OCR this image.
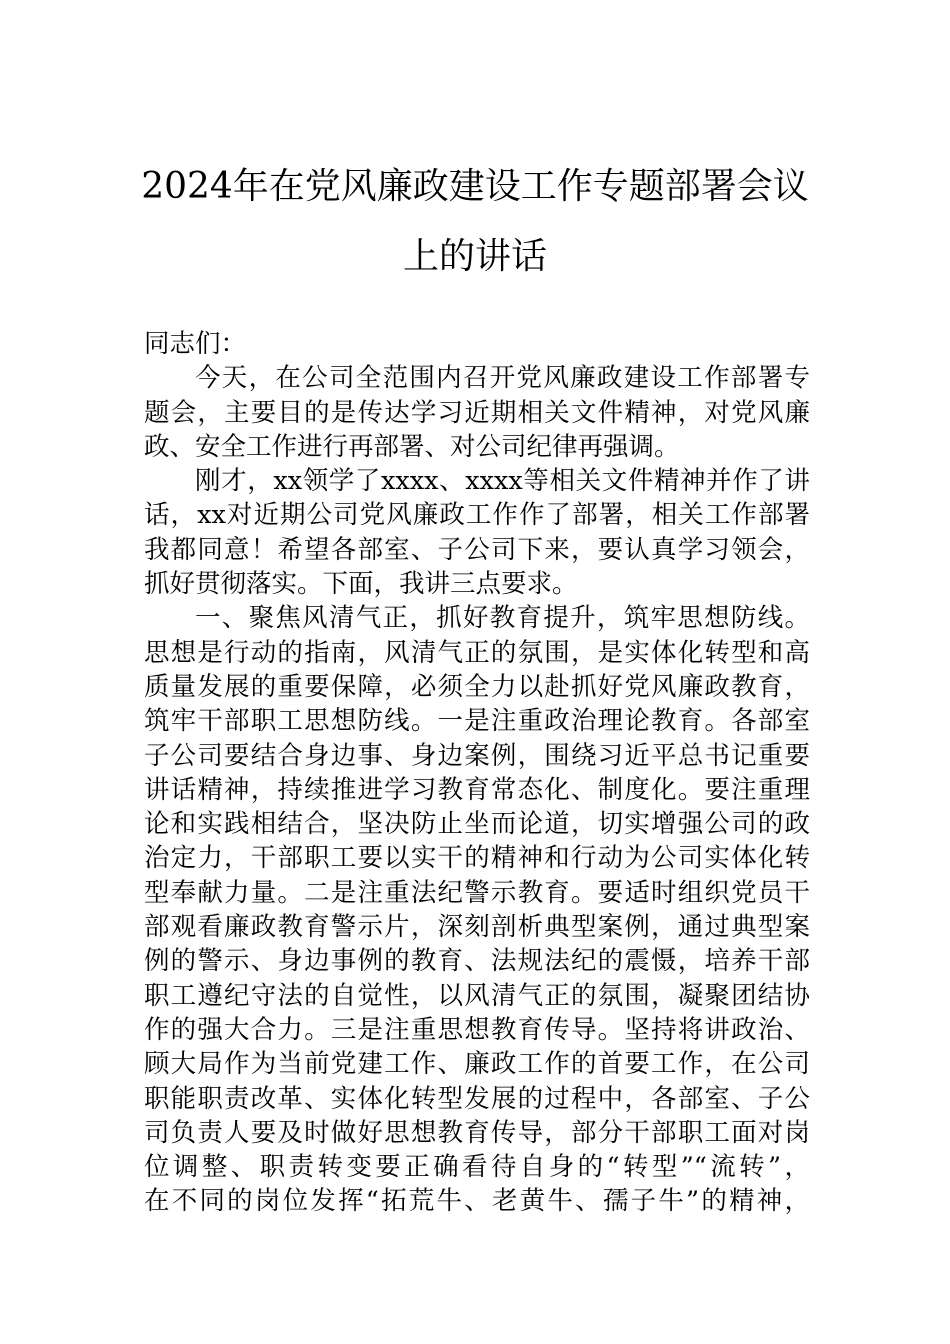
2024年在党风廉政建设工作专题部署会议
上的讲话
同志们：
今天，在公司全范围内召开党风廉政建设工作部署专
题会，主要目的是传达学习近期相关文件精神，对党风廉
政、安全工作进行再部署、对公司纪律再强调。
刚才，xx领学了xxxx、xxxx等相关文件精神并作了讲
话，xx对近期公司党风廉政工作作了部署，相关工作部署
我都同意！希望各部室、子公司下来，要认真学习领会，
抓好贯彻落实。下面，我讲三点要求。
一、聚焦风清气正，抓好教育提升，筑牢思想防线。
思想是行动的指南，风清气正的氛围，是实体化转型和高
质量发展的重要保障，必须全力以赴抓好党风廉政教育，
筑牢干部职工思想防线。一是注重政治理论教育。各部室
子公司要结合身边事、身边案例，围绕习近平总书记重要
讲话精神，持续推进学习教育常态化、制度化。要注重理
论和实践相结合，坚决防止坐而论道，切实增强公司的政
治定力，干部职工要以实干的精神和行动为公司实体化转
型奉献力量。二是注重法纪警示教育。要适时组织党员干
部观看廉政教育警示片，深刻剖析典型案例，通过典型案
例的警示、身边事例的教育、法规法纪的震慑，培养干部
职工遵纪守法的自觉性，以风清气正的氛围，凝聚团结协
作的强大合力。三是注重思想教育传导。坚持将讲政治、
顾大局作为当前党建工作、廉政工作的首要工作，在公司
职能职责改革、实体化转型发展的过程中，各部室、子公
司负责人要及时做好思想教育传导，部分干部职工面对岗
位调整、职责转变要正确看待自身的“转型”“流转”，
在不同的岗位发挥“拓荒牛、老黄牛、孺子牛”的精神，
